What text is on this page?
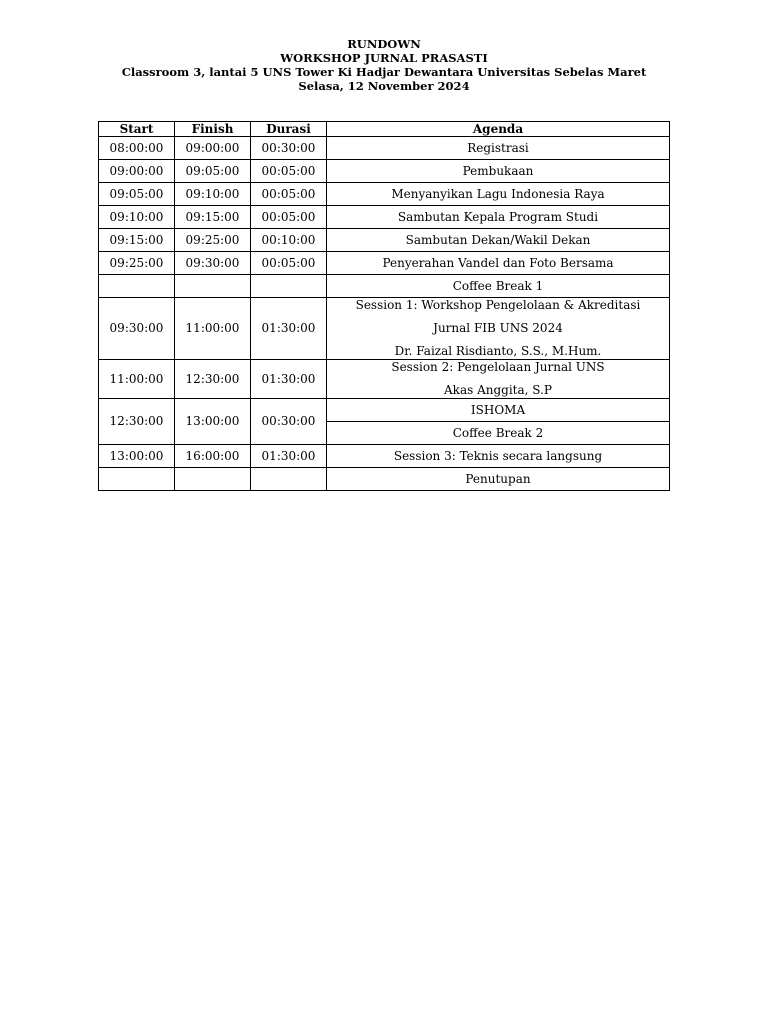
RUNDOWN
WORKSHOP JURNAL PRASASTI
Classroom 3, lantai 5 UNS Tower Ki Hadjar Dewantara Universitas Sebelas Maret
Selasa, 12 November 2024
Start	Finish	Durasi	Agenda
08:00:00	09:00:00	00:30:00	Registrasi
09:00:00	09:05:00	00:05:00	Pembukaan
09:05:00	09:10:00	00:05:00	Menyanyikan Lagu Indonesia Raya
09:10:00	09:15:00	00:05:00	Sambutan Kepala Program Studi
09:15:00	09:25:00	00:10:00	Sambutan Dekan/Wakil Dekan
09:25:00	09:30:00	00:05:00	Penyerahan Vandel dan Foto Bersama
			Coffee Break 1
09:30:00	11:00:00	01:30:00	Session 1: Workshop Pengelolaan & Akreditasi
Jurnal FIB UNS 2024
Dr. Faizal Risdianto, S.S., M.Hum.

11:00:00	12:30:00	01:30:00	Session 2: Pengelolaan Jurnal UNS
Akas Anggita, S.P

12:30:00	13:00:00	00:30:00	ISHOMA
			Coffee Break 2
13:00:00	16:00:00	01:30:00	Session 3: Teknis secara langsung
			Penutupan
